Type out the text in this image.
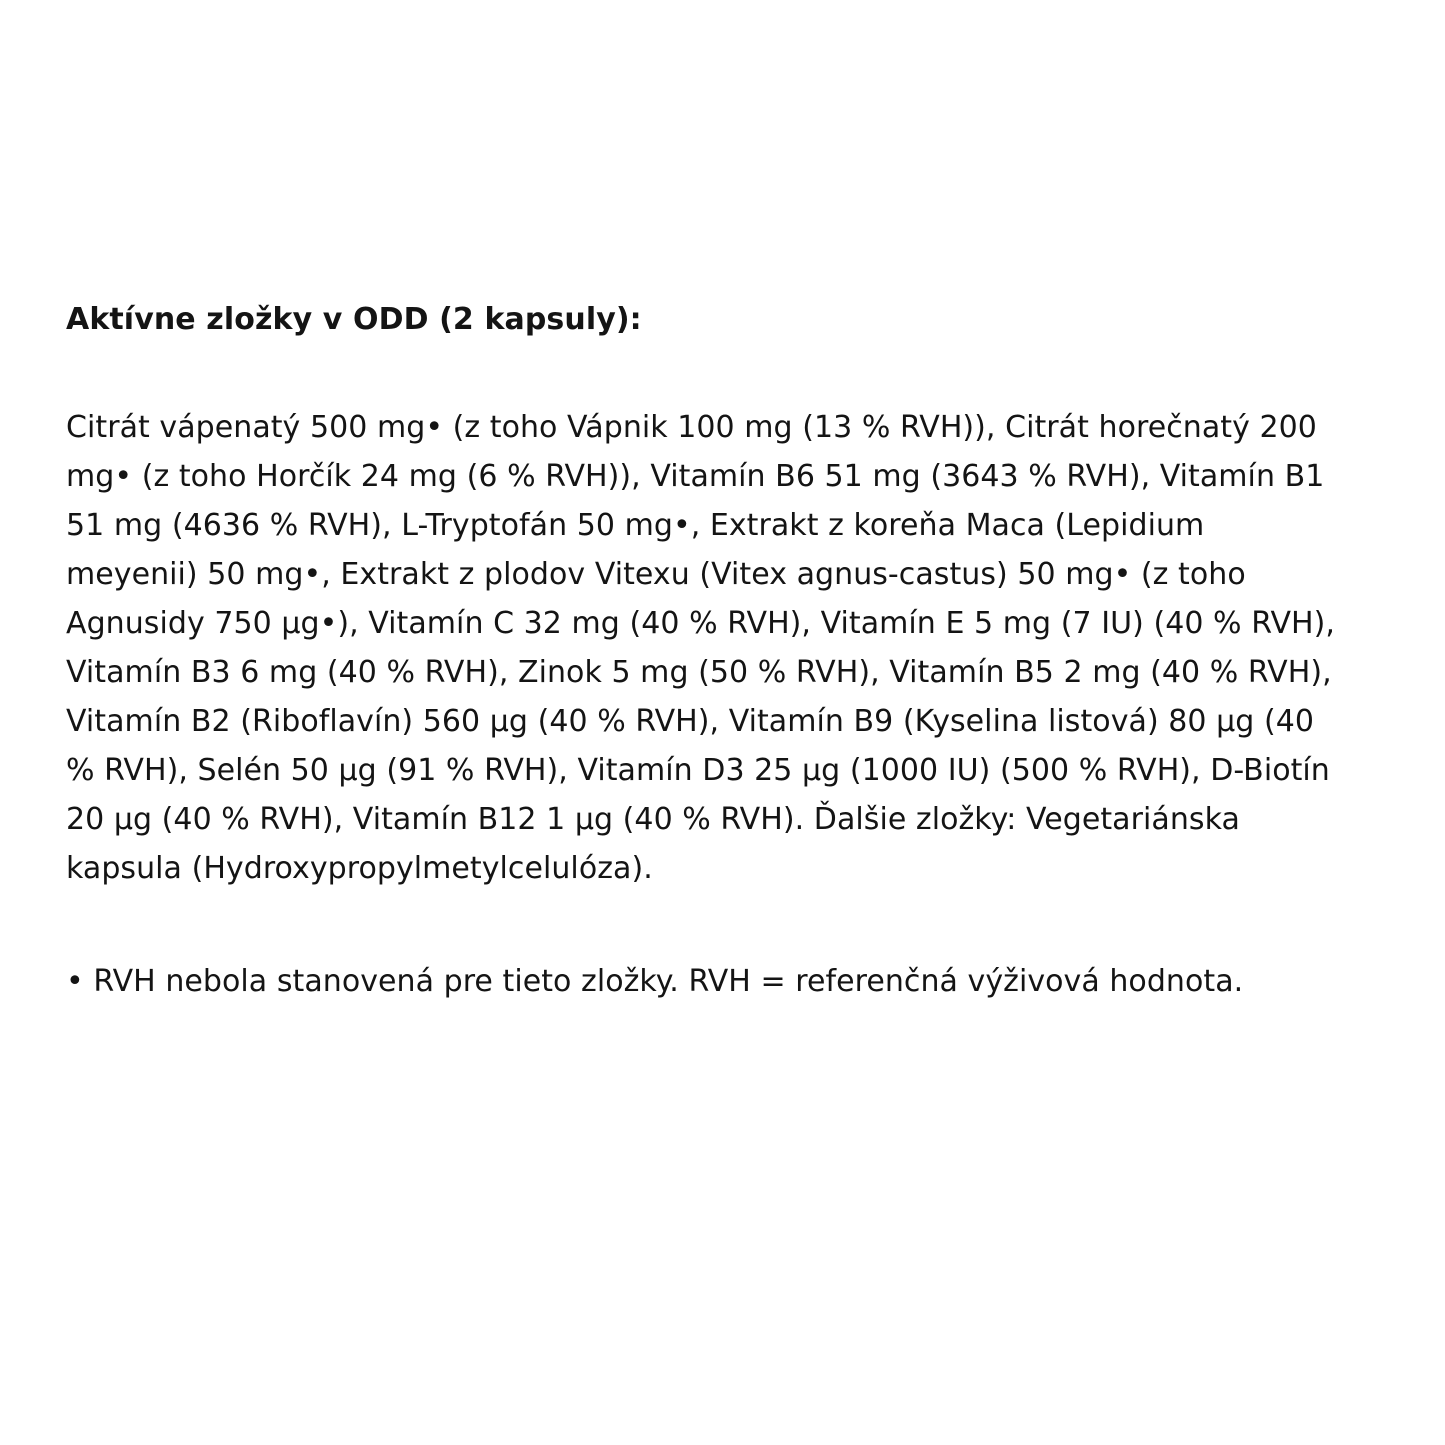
Aktívne zložky v ODD (2 kapsuly):

Citrát vápenatý 500 mg• (z toho Vápnik 100 mg (13 % RVH)), Citrát horečnatý 200 mg• (z toho Horčík 24 mg (6 % RVH)), Vitamín B6 51 mg (3643 % RVH), Vitamín B1 51 mg (4636 % RVH), L-Tryptofán 50 mg•, Extrakt z koreňa Maca (Lepidium meyenii) 50 mg•, Extrakt z plodov Vitexu (Vitex agnus-castus) 50 mg• (z toho Agnusidy 750 µg•), Vitamín C 32 mg (40 % RVH), Vitamín E 5 mg (7 IU) (40 % RVH), Vitamín B3 6 mg (40 % RVH), Zinok 5 mg (50 % RVH), Vitamín B5 2 mg (40 % RVH), Vitamín B2 (Riboflavín) 560 µg (40 % RVH), Vitamín B9 (Kyselina listová) 80 µg (40 % RVH), Selén 50 µg (91 % RVH), Vitamín D3 25 µg (1000 IU) (500 % RVH), D-Biotín 20 µg (40 % RVH), Vitamín B12 1 µg (40 % RVH). Ďalšie zložky: Vegetariánska kapsula (Hydroxypropylmetylcelulóza).

• RVH nebola stanovená pre tieto zložky. RVH = referenčná výživová hodnota.
